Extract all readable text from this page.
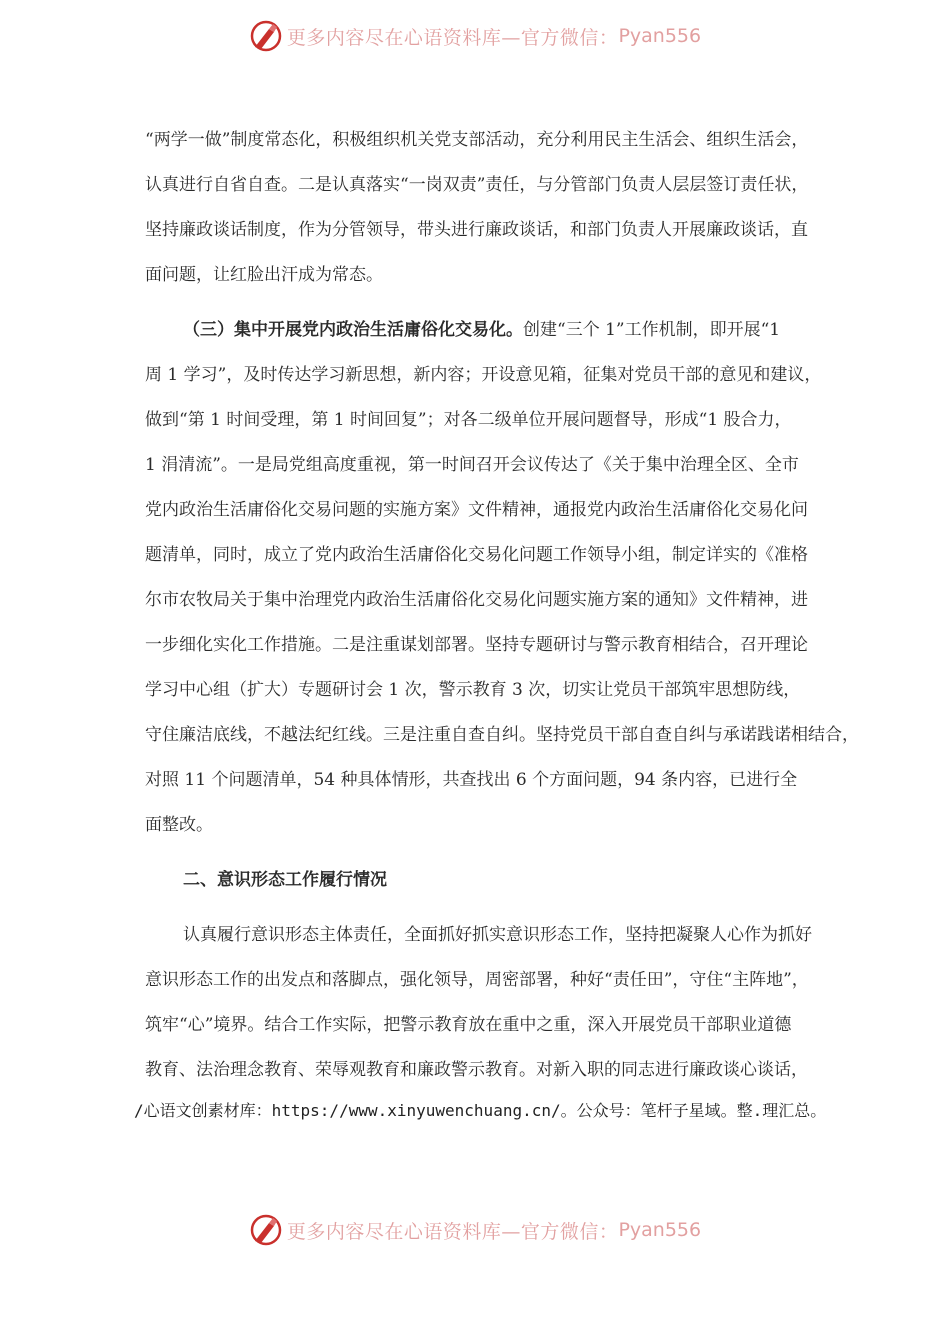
更多内容尽在心语资料库 —官方微信： Pyan556
“两学一做”制度常态化，积极组织机关党支部活动，充分利用民主生活会、组织生活会，
认真进行自省自查。二是认真落实“一岗双责”责任，与分管部门负责人层层签订责任状，
坚持廉政谈话制度，作为分管领导，带头进行廉政谈话，和部门负责人开展廉政谈话，直
面问题，让红脸出汗成为常态。
（三）集中开展党内政治生活庸俗化交易化。创建“三个 1”工作机制，即开展“1
周 1 学习”，及时传达学习新思想，新内容；开设意见箱，征集对党员干部的意见和建议，
做到“第 1 时间受理，第 1 时间回复”；对各二级单位开展问题督导，形成“1 股合力，
1 涓清流”。一是局党组高度重视，第一时间召开会议传达了《关于集中治理全区、全市
党内政治生活庸俗化交易问题的实施方案》文件精神，通报党内政治生活庸俗化交易化问
题清单，同时，成立了党内政治生活庸俗化交易化问题工作领导小组，制定详实的《准格
尔市农牧局关于集中治理党内政治生活庸俗化交易化问题实施方案的通知》文件精神，进
一步细化实化工作措施。二是注重谋划部署。坚持专题研讨与警示教育相结合，召开理论
学习中心组（扩大）专题研讨会 1 次，警示教育 3 次，切实让党员干部筑牢思想防线，
守住廉洁底线，不越法纪红线。三是注重自查自纠。坚持党员干部自查自纠与承诺践诺相结合，
对照 11 个问题清单，54 种具体情形，共查找出 6 个方面问题，94 条内容，已进行全
面整改。
二、意识形态工作履行情况
认真履行意识形态主体责任，全面抓好抓实意识形态工作，坚持把凝聚人心作为抓好
意识形态工作的出发点和落脚点，强化领导，周密部署，种好“责任田”，守住“主阵地”，
筑牢“心”境界。结合工作实际，把警示教育放在重中之重，深入开展党员干部职业道德
教育、法治理念教育、荣辱观教育和廉政警示教育。对新入职的同志进行廉政谈心谈话，
/心语文创素材库：https://www.xinyuwenchuang.cn/。公众号：笔杆子星域。整.理汇总。
更多内容尽在心语资料库 —官方微信： Pyan556
